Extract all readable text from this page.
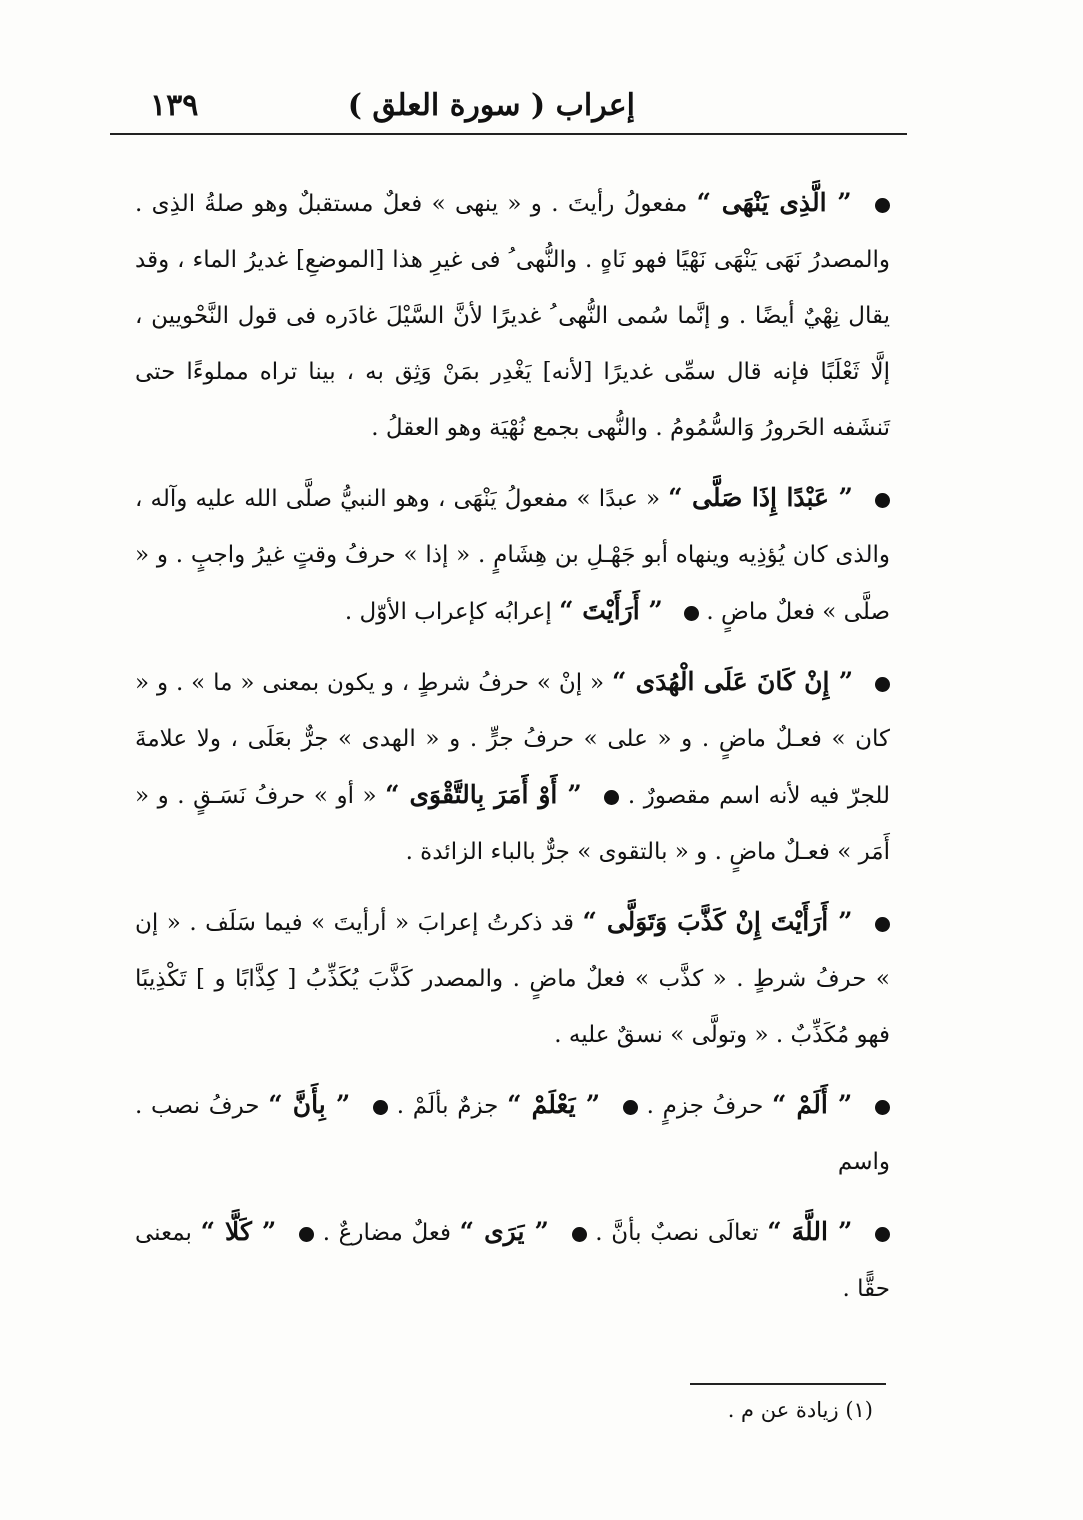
إعراب ( سورة العلق )
١٣٩

” الَّذِى يَنْهَى “ مفعولُ رأيتَ . و « ينهى » فعلٌ مستقبلٌ وهو صلةُ الذِى . والمصدرُ نَهَى يَنْهَى نَهْيًا فهو نَاهٍ . والنُّهى ُ فى غيرِ هذا [الموضعِ] غديرُ الماء ، وقد يقال نِهْيٌ أيضًا . و إنَّما سُمى النُّهى ُ غديرًا لأنَّ السَّيْلَ غادَره فى قول النَّحْويين ، إلَّا ثَعْلَبًا فإنه قال سمِّى غديرًا [لأنه] يَغْدِر بمَنْ وَثِق به ، بينا تراه مملوءًا حتى تَنشَفه الحَرورُ وَالسُّمُومُ . والنُّهى بجمع نُهْيَة وهو العقلُ .

” عَبْدًا إِذَا صَلَّى “ « عبدًا » مفعولُ يَنْهَى ، وهو النبيُّ صلَّى الله عليه وآله ، والذى كان يُؤذِيه وينهاه أبو جَهْـلِ بن هِشَامٍ . « إذا » حرفُ وقتٍ غيرُ واجبٍ . و « صلَّى » فعلٌ ماضٍ .  ” أَرَأَيْتَ “ إعرابُه كإعراب الأوّل .

” إِنْ كَانَ عَلَى الْهُدَى “ « إنْ » حرفُ شرطٍ ، و يكون بمعنى « ما » . و « كان » فعـلٌ ماضٍ . و « على » حرفُ جرٍّ . و « الهدى » جرٌّ بعَلَى ، ولا علامةَ للجرّ فيه لأنه اسم مقصورٌ .  ” أَوْ أَمَرَ بِالتَّقْوَى “ « أو » حرفُ نَسَـقٍ . و « أَمَر » فعـلٌ ماضٍ . و « بالتقوى » جرٌّ بالباء الزائدة .

” أَرَأَيْتَ إِنْ كَذَّبَ وَتَوَلَّى “ قد ذكرتُ إعرابَ « أرأيتَ » فيما سَلَف . « إن » حرفُ شرطٍ . « كذَّب » فعلٌ ماضٍ . والمصدر كَذَّبَ يُكَذِّبُ [ كِذَّابًا و ] تَكْذِيبًا فهو مُكَذِّبٌ . « وتولَّى » نسقٌ عليه .

” أَلَمْ “ حرفُ جزمٍ .  ” يَعْلَمْ “ جزمٌ بألَمْ .  ” بِأَنَّ “ حرفُ نصب . واسم

” اللَّهَ “ تعالَى نصبٌ بأنَّ .  ” يَرَى “ فعلٌ مضارعٌ .  ” كَلَّا “ بمعنى حقًّا .

(١) زيادة عن م .
